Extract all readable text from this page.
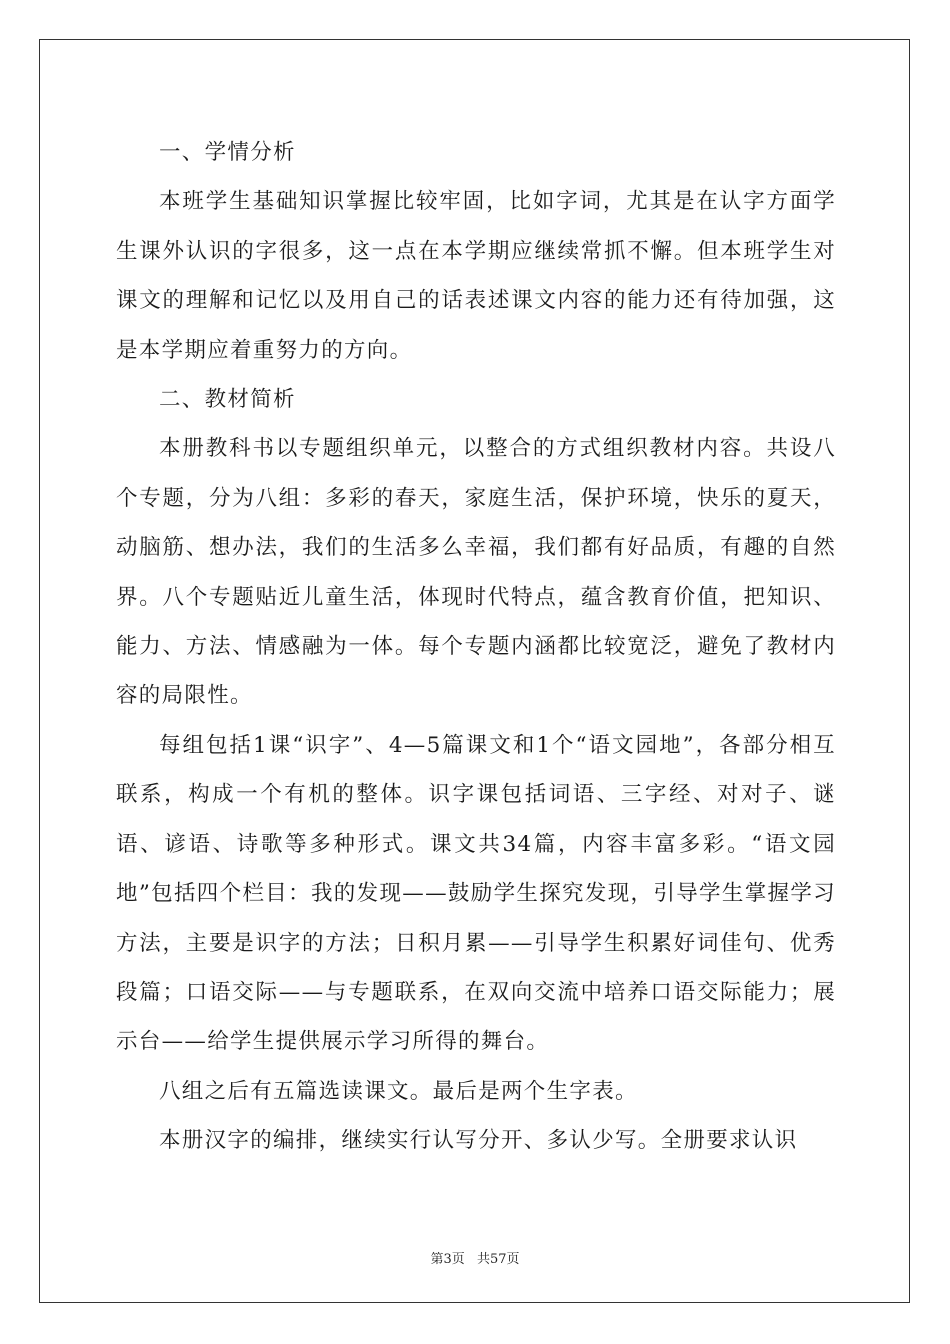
一、学情分析

本班学生基础知识掌握比较牢固，比如字词，尤其是在认字方面学生课外认识的字很多，这一点在本学期应继续常抓不懈。但本班学生对课文的理解和记忆以及用自己的话表述课文内容的能力还有待加强，这是本学期应着重努力的方向。

二、教材简析

本册教科书以专题组织单元，以整合的方式组织教材内容。共设八个专题，分为八组：多彩的春天，家庭生活，保护环境，快乐的夏天，动脑筋、想办法，我们的生活多么幸福，我们都有好品质，有趣的自然界。八个专题贴近儿童生活，体现时代特点，蕴含教育价值，把知识、能力、方法、情感融为一体。每个专题内涵都比较宽泛，避免了教材内容的局限性。

每组包括1课“识字”、4—5篇课文和1个“语文园地”，各部分相互联系，构成一个有机的整体。识字课包括词语、三字经、对对子、谜语、谚语、诗歌等多种形式。课文共34篇，内容丰富多彩。“语文园地”包括四个栏目：我的发现——鼓励学生探究发现，引导学生掌握学习方法，主要是识字的方法；日积月累——引导学生积累好词佳句、优秀段篇；口语交际——与专题联系，在双向交流中培养口语交际能力；展示台——给学生提供展示学习所得的舞台。

八组之后有五篇选读课文。最后是两个生字表。

本册汉字的编排，继续实行认写分开、多认少写。全册要求认识

第3页 共57页
